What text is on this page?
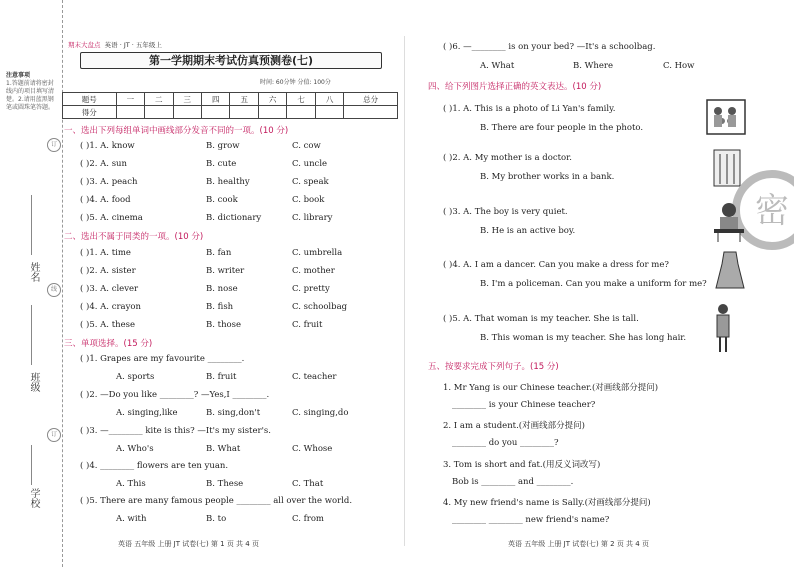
注意事项
1.答题前请将密封线内的项目填写清楚。2.请用蓝黑钢笔或圆珠笔答题。
订
姓名
线
班级
订
学校
期末大盘点 英语 · JT · 五年级上
第一学期期末考试仿真预测卷(七)
时间: 60分钟 分值: 100分
题号	一	二	三	四	五	六	七	八	总分
得分									
一、选出下列每组单词中画线部分发音不同的一项。(10 分)
( )1. A. know	B. grow	C. cow
( )2. A. sun	B. cute	C. uncle
( )3. A. peach	B. healthy	C. speak
( )4. A. food	B. cook	C. book
( )5. A. cinema	B. dictionary	C. library
二、选出不属于同类的一项。(10 分)
( )1. A. time	B. fan	C. umbrella
( )2. A. sister	B. writer	C. mother
( )3. A. clever	B. nose	C. pretty
( )4. A. crayon	B. fish	C. schoolbag
( )5. A. these	B. those	C. fruit
三、单项选择。(15 分)
( )1. Grapes are my favourite ________.
A. sports	B. fruit	C. teacher
( )2. —Do you like ________? —Yes,I ________.
A. singing,like	B. sing,don't	C. singing,do
( )3. —________ kite is this? —It's my sister's.
A. Who's	B. What	C. Whose
( )4. ________ flowers are ten yuan.
A. This	B. These	C. That
( )5. There are many famous people ________ all over the world.
A. with	B. to	C. from
英语 五年级 上册 JT 试卷(七) 第 1 页 共 4 页
( )6. —________ is on your bed? —It's a schoolbag.
A. What	B. Where	C. How
四、给下列图片选择正确的英文表达。(10 分)
( )1. A. This is a photo of Li Yan's family.
B. There are four people in the photo.
( )2. A. My mother is a doctor.
B. My brother works in a bank.
( )3. A. The boy is very quiet.
B. He is an active boy.
( )4. A. I am a dancer. Can you make a dress for me?
B. I'm a policeman. Can you make a uniform for me?
( )5. A. That woman is my teacher. She is tall.
B. This woman is my teacher. She has long hair.
密
五、按要求完成下列句子。(15 分)
1. Mr Yang is our Chinese teacher.(对画线部分提问)
________ is your Chinese teacher?
2. I am a student.(对画线部分提问)
________ do you ________?
3. Tom is short and fat.(用反义词改写)
Bob is ________ and ________.
4. My new friend's name is Sally.(对画线部分提问)
________ ________ new friend's name?
英语 五年级 上册 JT 试卷(七) 第 2 页 共 4 页
